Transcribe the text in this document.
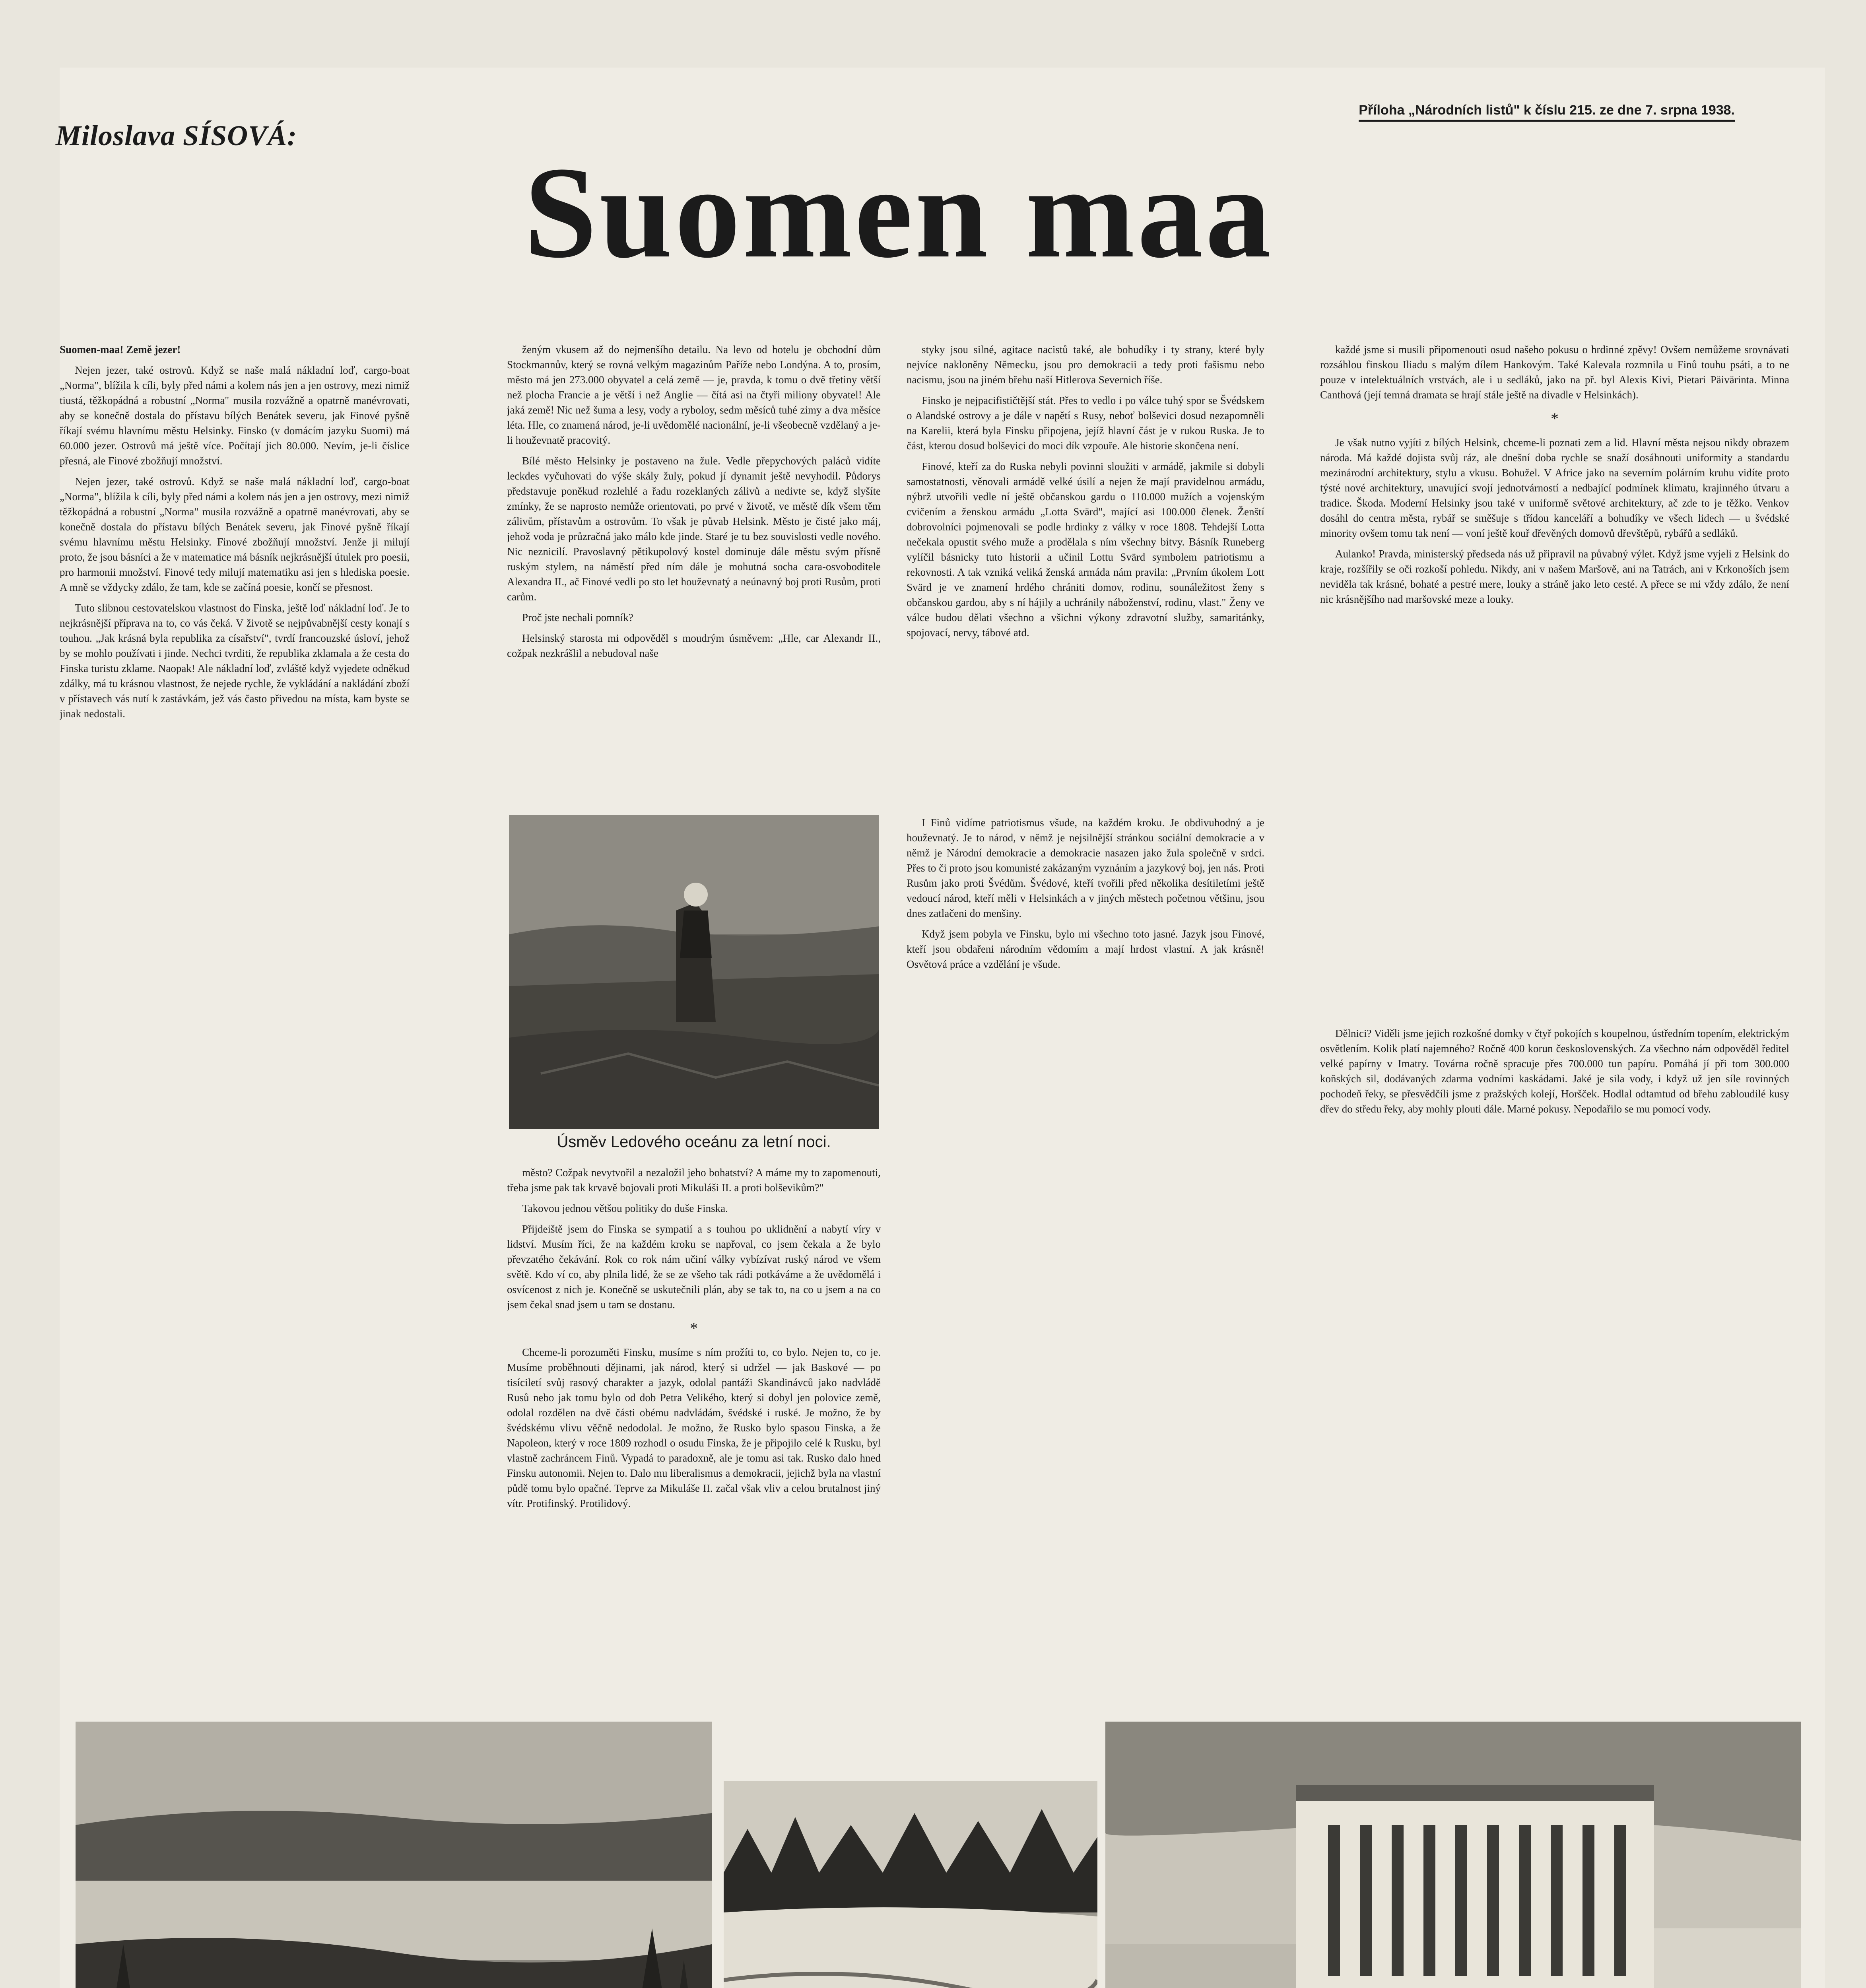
Miloslava SÍSOVÁ:
Příloha „Národních listů" k číslu 215. ze dne 7. srpna 1938.
Suomen maa

Suomen-maa! Země jezer!

Nejen jezer, také ostrovů. Když se naše malá nákladní loď, cargo-boat „Norma", blížila k cíli, byly před námi a kolem nás jen a jen ostrovy, mezi nimiž tiustá, těžkopádná a robustní „Norma" musila rozvážně a opatrně manévrovati, aby se konečně dostala do přístavu bílých Benátek severu, jak Finové pyšně říkají svému hlavnímu městu Helsinky. Finsko (v domácím jazyku Suomi) má 60.000 jezer. Ostrovů má ještě více. Počítají jich 80.000. Nevím, je-li číslice přesná, ale Finové zbožňují množství.

Nejen jezer, také ostrovů. Když se naše malá nákladní loď, cargo-boat „Norma", blížila k cíli, byly před námi a kolem nás jen a jen ostrovy, mezi nimiž těžkopádná a robustní „Norma" musila rozvážně a opatrně manévrovati, aby se konečně dostala do přístavu bílých Benátek severu, jak Finové pyšně říkají svému hlavnímu městu Helsinky. Finové zbožňují množství. Jenže ji milují proto, že jsou básníci a že v matematice má básník nejkrásnější útulek pro poesii, pro harmonii množství. Finové tedy milují matematiku asi jen s hlediska poesie. A mně se vždycky zdálo, že tam, kde se začíná poesie, končí se přesnost.

Tuto slibnou cestovatelskou vlastnost do Finska, ještě loď nákladní loď. Je to nejkrásnější příprava na to, co vás čeká. V životě se nejpůvabnější cesty konají s touhou. „Jak krásná byla republika za císařství", tvrdí francouzské úsloví, jehož by se mohlo používati i jinde. Nechci tvrditi, že republika zklamala a že cesta do Finska turistu zklame. Naopak! Ale nákladní loď, zvláště když vyjedete odněkud zdálky, má tu krásnou vlastnost, že nejede rychle, že vykládání a nakládání zboží v přístavech vás nutí k zastávkám, jež vás často přivedou na místa, kam byste se jinak nedostali.

ženým vkusem až do nejmenšího detailu. Na levo od hotelu je obchodní dům Stockmannův, který se rovná velkým magazinům Paříže nebo Londýna. A to, prosím, město má jen 273.000 obyvatel a celá země — je, pravda, k tomu o dvě třetiny větší než plocha Francie a je větší i než Anglie — čítá asi na čtyři miliony obyvatel! Ale jaká země! Nic než šuma a lesy, vody a ryboloy, sedm měsíců tuhé zimy a dva měsíce léta. Hle, co znamená národ, je-li uvědomělé nacionální, je-li všeobecně vzdělaný a je-li houževnatě pracovitý.

Bílé město Helsinky je postaveno na žule. Vedle přepychových paláců vidíte leckdes vyčuhovati do výše skály žuly, pokud jí dynamit ještě nevyhodil. Půdorys představuje poněkud rozlehlé a řadu rozeklaných zálivů a nedivte se, když slyšíte zmínky, že se naprosto nemůže orientovati, po prvé v životě, ve městě dík všem těm zálivům, přístavům a ostrovům. To však je půvab Helsink. Město je čisté jako máj, jehož voda je průzračná jako málo kde jinde. Staré je tu bez souvislosti vedle nového. Nic neznicilí. Pravoslavný pětikupolový kostel dominuje dále městu svým přísně ruským stylem, na náměstí před ním dále je mohutná socha cara-osvoboditele Alexandra II., ač Finové vedli po sto let houževnatý a neúnavný boj proti Rusům, proti carům.

Proč jste nechali pomník?

Helsinský starosta mi odpověděl s moudrým úsměvem: „Hle, car Alexandr II., cožpak nezkrášlil a nebudoval naše

styky jsou silné, agitace nacistů také, ale bohudíky i ty strany, které byly nejvíce nakloněny Německu, jsou pro demokracii a tedy proti fašismu nebo nacismu, jsou na jiném břehu naší Hitlerova Severnich říše.

Finsko je nejpacifističtější stát. Přes to vedlo i po válce tuhý spor se Švédskem o Alandské ostrovy a je dále v napětí s Rusy, neboť bolševici dosud nezapomněli na Karelii, která byla Finsku připojena, jejíž hlavní část je v rukou Ruska. Je to část, kterou dosud bolševici do moci dík vzpouře. Ale historie skončena není.

Finové, kteří za do Ruska nebyli povinni sloužiti v armádě, jakmile si dobyli samostatnosti, věnovali armádě velké úsilí a nejen že mají pravidelnou armádu, nýbrž utvořili vedle ní ještě občanskou gardu o 110.000 mužích a vojenským cvičením a ženskou armádu „Lotta Svärd", mající asi 100.000 členek. Ženští dobrovolníci pojmenovali se podle hrdinky z války v roce 1808. Tehdejší Lotta nečekala opustit svého muže a prodělala s ním všechny bitvy. Básník Runeberg vylíčil básnicky tuto historii a učinil Lottu Svärd symbolem patriotismu a rekovnosti. A tak vzniká veliká ženská armáda nám pravila: „Prvním úkolem Lott Svärd je ve znamení hrdého chrániti domov, rodinu, sounáležitost ženy s občanskou gardou, aby s ní hájily a uchránily náboženství, rodinu, vlast." Ženy ve válce budou dělati všechno a všichni výkony zdravotní služby, samaritánky, spojovací, nervy, tábové atd.

každé jsme si musili připomenouti osud našeho pokusu o hrdinné zpěvy! Ovšem nemůžeme srovnávati rozsáhlou finskou Iliadu s malým dílem Hankovým. Také Kalevala rozmnila u Finů touhu psáti, a to ne pouze v intelektuálních vrstvách, ale i u sedláků, jako na př. byl Alexis Kivi, Pietari Päivärinta. Minna Canthová (její temná dramata se hrají stále ještě na divadle v Helsinkách).

*

Je však nutno vyjíti z bílých Helsink, chceme-li poznati zem a lid. Hlavní města nejsou nikdy obrazem národa. Má každé dojista svůj ráz, ale dnešní doba rychle se snaží dosáhnouti uniformity a standardu mezinárodní architektury, stylu a vkusu. Bohužel. V Africe jako na severním polárním kruhu vidíte proto týsté nové architektury, unavující svojí jednotvárností a nedbající podmínek klimatu, krajinného útvaru a tradice. Škoda. Moderní Helsinky jsou také v uniformě světové architektury, ač zde to je těžko. Venkov dosáhl do centra města, rybář se směšuje s třídou kanceláří a bohudíky ve všech lidech — u švédské minority ovšem tomu tak není — voní ještě kouř dřevěných domovů dřevštěpů, rybářů a sedláků.

Aulanko! Pravda, ministerský předseda nás už připravil na půvabný výlet. Když jsme vyjeli z Helsink do kraje, rozšířily se oči rozkoší pohledu. Nikdy, ani v našem Maršově, ani na Tatrách, ani v Krkonoších jsem neviděla tak krásné, bohaté a pestré mere, louky a stráně jako leto cesté. A přece se mi vždy zdálo, že není nic krásnějšího nad maršovské meze a louky.

Dělnici? Viděli jsme jejich rozkošné domky v čtyř pokojích s koupelnou, ústředním topením, elektrickým osvětlením. Kolik platí najemného? Ročně 400 korun československých. Za všechno nám odpověděl ředitel velké papírny v Imatry. Továrna ročně spracuje přes 700.000 tun papíru. Pomáhá jí při tom 300.000 koňských sil, dodávaných zdarma vodními kaskádami. Jaké je sila vody, i když už jen síle rovinných pochodeň řeky, se přesvědčíli jsme z pražských kolejí, Horšček. Hodlal odtamtud od břehu zabloudilé kusy dřev do středu řeky, aby mohly plouti dále. Marné pokusy. Nepodařilo se mu pomocí vody.

Úsměv Ledového oceánu za letní noci.

město? Cožpak nevytvořil a nezaložil jeho bohatství? A máme my to zapomenouti, třeba jsme pak tak krvavě bojovali proti Mikuláši II. a proti bolševikům?"

Takovou jednou většou politiky do duše Finska.

Přijdeiště jsem do Finska se sympatií a s touhou po uklidnění a nabytí víry v lidství. Musím říci, že na každém kroku se napřoval, co jsem čekala a že bylo převzatého čekávání. Rok co rok nám učiní války vybízívat ruský národ ve všem světě. Kdo ví co, aby plnila lidé, že se ze všeho tak rádi potkáváme a že uvědomělá i osvícenost z nich je. Konečně se uskutečnili plán, aby se tak to, na co u jsem a na co jsem čekal snad jsem u tam se dostanu.

*

Chceme-li porozuměti Finsku, musíme s ním prožíti to, co bylo. Nejen to, co je. Musíme proběhnouti dějinami, jak národ, který si udržel — jak Baskové — po tisíciletí svůj rasový charakter a jazyk, odolal pantáži Skandinávců jako nadvládě Rusů nebo jak tomu bylo od dob Petra Velikého, který si dobyl jen polovice země, odolal rozdělen na dvě části obému nadvládám, švédské i ruské. Je možno, že by švédskému vlivu věčně nedodolal. Je možno, že Rusko bylo spasou Finska, a že Napoleon, který v roce 1809 rozhodl o osudu Finska, že je připojilo celé k Rusku, byl vlastně zachráncem Finů. Vypadá to paradoxně, ale je tomu asi tak. Rusko dalo hned Finsku autonomii. Nejen to. Dalo mu liberalismus a demokracii, jejichž byla na vlastní půdě tomu bylo opačné. Teprve za Mikuláše II. začal však vliv a celou brutalnost jiný vítr. Protifinský. Protilidový.

I Finů vidíme patriotismus všude, na každém kroku. Je obdivuhodný a je houževnatý. Je to národ, v němž je nejsilnější stránkou sociální demokracie a v němž je Národní demokracie a demokracie nasazen jako žula společně v srdci. Přes to či proto jsou komunisté zakázaným vyznáním a jazykový boj, jen nás. Proti Rusům jako proti Švédům. Švédové, kteří tvořili před několika desítiletími ještě vedoucí národ, kteří měli v Helsinkách a v jiných městech početnou většinu, jsou dnes zatlačeni do menšiny.

Když jsem pobyla ve Finsku, bylo mi všechno toto jasné. Jazyk jsou Finové, kteří jsou obdařeni národním vědomím a mají hrdost vlastní. A jak krásně! Osvětová práce a vzdělání je všude.
